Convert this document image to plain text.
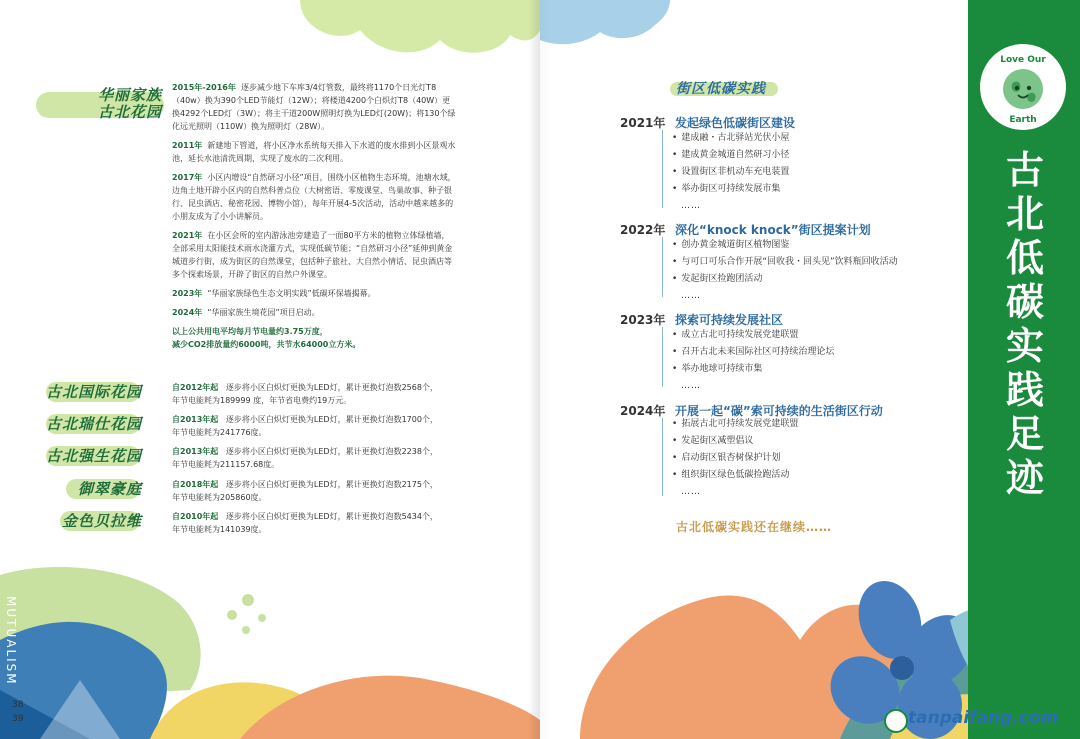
华丽家族
古北花园
2015年-2016年 逐步减少地下车库3/4灯管数，最终将1170个日光灯T8（40w）换为390个LED节能灯（12W）；将楼道4200个白炽灯T8（40W）更换4292个LED灯（3W）；将主干道200W照明灯换为LED灯(20W)；将130个绿化远光照明（110W）换为照明灯（28W）。
2011年 新建地下管道，将小区净水系统每天排入下水道的废水排到小区景观水池，延长水池清洗周期，实现了废水的二次利用。
2017年 小区内增设“自然研习小径”项目，围绕小区植物生态环境，池塘水域，边角土地开辟小区内的自然科普点位（大树密语、零废课堂、鸟巢故事、种子银行、昆虫酒店、秘密花园、博物小馆），每年开展4-5次活动，活动中越来越多的小朋友成为了小小讲解员。
2021年 在小区会所的室内游泳池旁建造了一面80平方米的植物立体绿植墙，全部采用太阳能技术雨水浇灌方式，实现低碳节能；“自然研习小径”延伸到黄金城道步行街，成为街区的自然课堂，包括种子旅社、大自然小情话、昆虫酒店等多个探索场景，开辟了街区的自然户外课堂。
2023年 “华丽家族绿色生态文明实践”低碳环保墙揭幕。
2024年 “华丽家族生境花园”项目启动。
以上公共用电平均每月节电量约3.75万度，
减少CO2排放量约6000吨，共节水64000立方米。
古北国际花园	自2012年起 逐步将小区白炽灯更换为LED灯，累计更换灯泡数2568个，
年节电能耗为189999 度，年节省电费约19万元。
古北瑞仕花园	自2013年起 逐步将小区白炽灯更换为LED灯，累计更换灯泡数1700个，
年节电能耗为241776度。
古北强生花园	自2013年起 逐步将小区白炽灯更换为LED灯，累计更换灯泡数2238个，
年节电能耗为211157.68度。
御翠豪庭	自2018年起 逐步将小区白炽灯更换为LED灯，累计更换灯泡数2175个，
年节电能耗为205860度。
金色贝拉维	自2010年起 逐步将小区白炽灯更换为LED灯，累计更换灯泡数5434个，
年节电能耗为141039度。
MUTUALISM
38
39
街区低碳实践
2021年 发起绿色低碳街区建设
• 建成融・古北驿站光伏小屋
• 建成黄金城道自然研习小径
• 设置街区非机动车充电装置
• 举办街区可持续发展市集
……
2022年 深化“knock knock”街区提案计划
• 创办黄金城道街区植物图鉴
• 与可口可乐合作开展“回收我・回头见”饮料瓶回收活动
• 发起街区捡跑团活动
……
2023年 探索可持续发展社区
• 成立古北可持续发展党建联盟
• 召开古北未来国际社区可持续治理论坛
• 举办地球可持续市集
……
2024年 开展一起“碳”索可持续的生活街区行动
• 拓展古北可持续发展党建联盟
• 发起街区减塑倡议
• 启动街区银杏树保护计划
• 组织街区绿色低碳捡跑活动
……
古北低碳实践还在继续……
Love Our
Earth
古北低碳实践足迹
tanpaifang.com
